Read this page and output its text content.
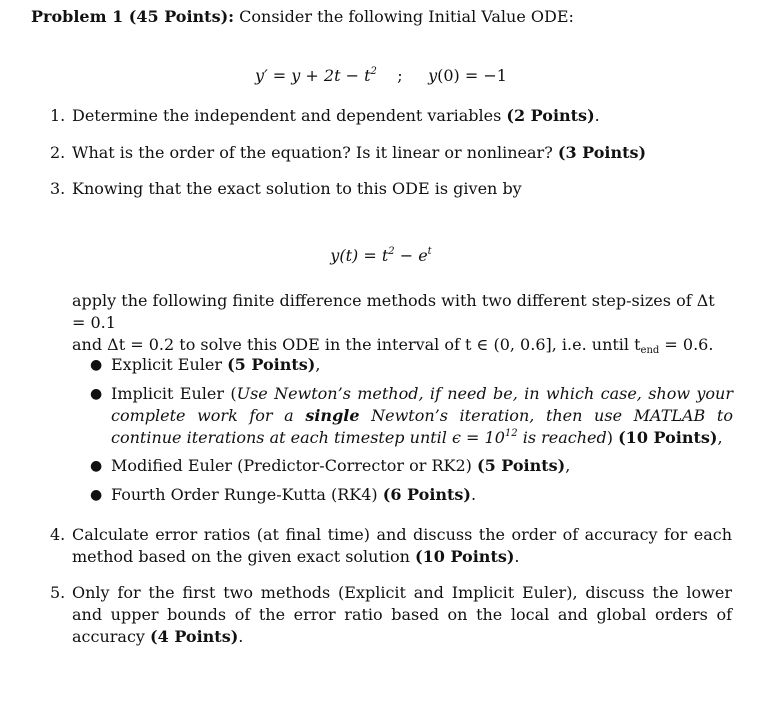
Problem 1 (45 Points): Consider the following Initial Value ODE:
$y' = y + 2t - t^2$ ; y(0) = −1
1. Determine the independent and dependent variables (2 Points).
2. What is the order of the equation? Is it linear or nonlinear? (3 Points)
3. Knowing that the exact solution to this ODE is given by
$y(t) = t^2 - e^t$
apply the following finite difference methods with two different step-sizes of Δt = 0.1
and Δt = 0.2 to solve this ODE in the interval of t ∈ (0, 0.6], i.e. until $t_{end} = 0.6$.
● Explicit Euler (5 Points),
● Implicit Euler (Use Newton’s method, if need be, in which case, show your complete work for a single Newton’s iteration, then use MATLAB to continue iterations at each timestep until $\epsilon = 10^{12}$ is reached) (10 Points),
● Modified Euler (Predictor-Corrector or RK2) (5 Points),
● Fourth Order Runge-Kutta (RK4) (6 Points).
4. Calculate error ratios (at final time) and discuss the order of accuracy for each method based on the given exact solution (10 Points).
5. Only for the first two methods (Explicit and Implicit Euler), discuss the lower and upper bounds of the error ratio based on the local and global orders of accuracy (4 Points).
